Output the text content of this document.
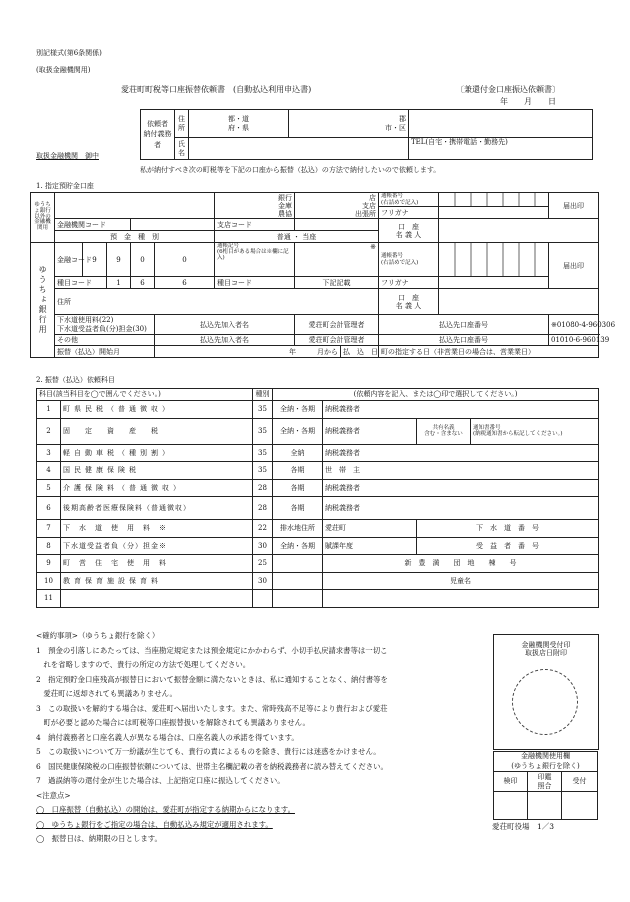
別記様式(第6条関係)
(取扱金融機関用)
愛荘町町税等口座振替依頼書　(自動払込利用申込書)	〔兼還付金口座振込依頼書〕
年　　月　　日
取扱金融機関　御中
依頼者　納付義務者	住所	都・道
府・県	郡
市・区	
	氏名			TEL(自宅・携帯電話・勤務先)
私が納付すべき次の町税等を下記の口座から振替（払込）の方法で納付したいので依頼します。
1. 指定預貯金口座
ゆうちょ銀行以外の金融機関用						銀行
金庫
農協	店
支店
出張所		通帳番号
(右詰めで記入)		届出印
									フリガナ		
	金融機関コード					支店コード			口　座
名 義 人		
	預　金　種　別					普通 ・ 当座					
ゆうちょ銀行用	金融コード	9	9	0	0	通帳記号
(6桁目がある場合は※欄に記入)	※		通帳番号
(右詰めで記入)		届出印
	種目コード		1	6	6	種目コード	下記記載		フリガナ		
	住所								口　座
名 義 人		
	下水道使用料(22)
下水道受益者負(分)担金(30)				払込先加入者名		愛荘町会計管理者		払込先口座番号		※01080-4-960306
	その他				払込先加入者名		愛荘町会計管理者		払込先口座番号		01010-6-960139
	振替（払込）開始月				年　　　月から			払　込　日	町の指定する日（非営業日の場合は、営業業日）		
2. 振替（払込）依頼科目
科目(該当科目を◯で囲んでください。)		種別	(依頼内容を記入、または◯印で選択してください。)			
1	町県民税（普通徴収）	35	全納・各期	納税義務者		
2	固　定　資　産　税	35	全納・各期	納税義務者	共有名義
含む・含まない	通知書番号
(納税通知書から転記してください。)
3	軽自動車税（種別割）	35	全納	納税義務者		
4	国民健康保険税	35	各期	世　帯　主		
5	介護保険料（普通徴収）	28	各期	納税義務者		
6	後期高齢者医療保険料（普通徴収）	28	各期	納税義務者		
7	下　水　道　使　用　料　※	22	排水地住所	愛荘町	下　水　道　番　号	
8	下水道受益者負（分）担金※	30	全納・各期	賦課年度	受　益　者　番　号	
9	町　営　住　宅　使　用　料	25		新　豊　満　　団　地　　棟　　号		
10	教育保育施設保育料	30		児童名		
11						
<確約事項>（ゆうちょ銀行を除く）
1　預金の引落しにあたっては、当座勘定規定または預金規定にかかわらず、小切手払戻請求書等は一切こ
　れを省略しますので、貴行の所定の方法で処理してください。
2　指定預貯金口座残高が振替日において振替金額に満たないときは、私に通知することなく、納付書等を
　愛荘町に返却されても異議ありません。
3　この取扱いを解約する場合は、愛荘町へ届出いたします。また、常時残高不足等により貴行および愛荘
　町が必要と認めた場合には町税等口座振替扱いを解除されても異議ありません。
4　納付義務者と口座名義人が異なる場合は、口座名義人の承諾を得ています。
5　この取扱いについて万一紛議が生じても、貴行の責によるものを除き、貴行には迷惑をかけません。
6　国民健康保険税の口座振替依頼については、世帯主名欄記載の者を納税義務者に読み替えてください。
7　過誤納等の還付金が生じた場合は、上記指定口座に振込してください。
<注意点>
◯　口座振替（自動払込）の開始は、愛荘町が指定する納期からになります。
◯　ゆうちょ銀行をご指定の場合は、自動払込み規定が適用されます。
◯　振替日は、納期限の日とします。
金融機関受付印
取扱店日附印
金融機関使用欄
(ゆうちょ銀行を除く)		
検印	印鑑
照合	受付

愛荘町役場　1／3
